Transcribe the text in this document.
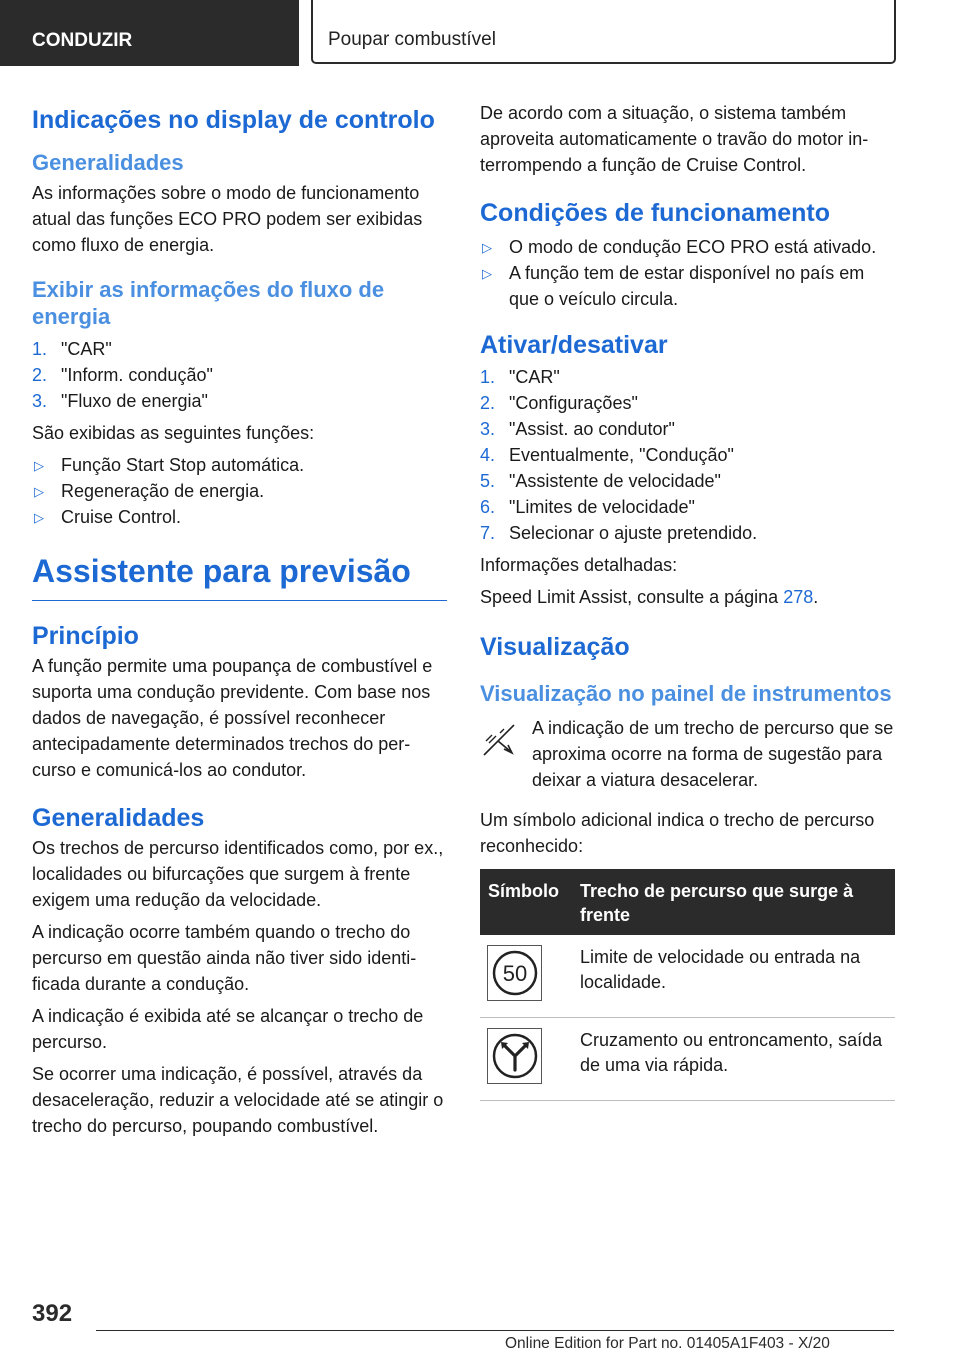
CONDUZIR	Poupar combustível
Indicações no display de controlo
Generalidades

As informações sobre o modo de funcionamento atual das funções ECO PRO podem ser exibidas como fluxo de energia.

Exibir as informações do fluxo de energia
1. "CAR"
2. "Inform. condução"
3. "Fluxo de energia"

São exibidas as seguintes funções:

▷ Função Start Stop automática.
▷ Regeneração de energia.
▷ Cruise Control.
Assistente para previsão
Princípio

A função permite uma poupança de combustível e suporta uma condução previdente. Com base nos dados de navegação, é possível reconhecer antecipadamente determinados trechos do percurso e comunicá-los ao condutor.

Generalidades

Os trechos de percurso identificados como, por ex., localidades ou bifurcações que surgem à frente exigem uma redução da velocidade.

A indicação ocorre também quando o trecho do percurso em questão ainda não tiver sido identificada durante a condução.

A indicação é exibida até se alcançar o trecho de percurso.

Se ocorrer uma indicação, é possível, através da desaceleração, reduzir a velocidade até se atingir o trecho do percurso, poupando combustível.

De acordo com a situação, o sistema também aproveita automaticamente o travão do motor interrompendo a função de Cruise Control.

Condições de funcionamento
▷ O modo de condução ECO PRO está ativado.
▷ A função tem de estar disponível no país em que o veículo circula.
Ativar/desativar
1. "CAR"
2. "Configurações"
3. "Assist. ao condutor"
4. Eventualmente, "Condução"
5. "Assistente de velocidade"
6. "Limites de velocidade"
7. Selecionar o ajuste pretendido.

Informações detalhadas:

Speed Limit Assist, consulte a página 278.

Visualização
Visualização no painel de instrumentos

A indicação de um trecho de percurso que se aproxima ocorre na forma de sugestão para deixar a viatura desacelerar.

Um símbolo adicional indica o trecho de percurso reconhecido:

Símbolo	Trecho de percurso que surge à frente

50	Limite de velocidade ou entrada na localidade.

	Cruzamento ou entroncamento, saída de uma via rápida.
392
Online Edition for Part no. 01405A1F403 - X/20
